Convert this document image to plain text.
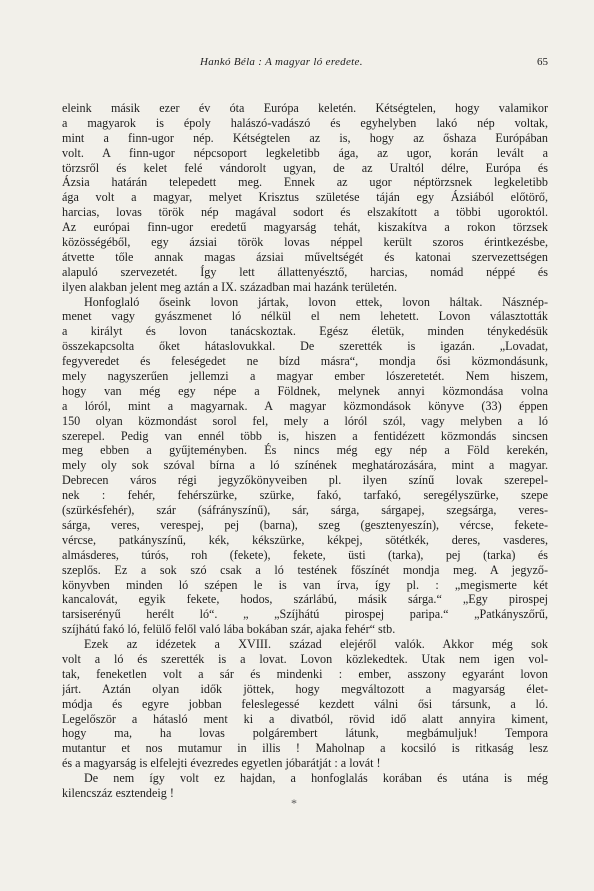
Hankó Béla : A magyar ló eredete.	65
eleink másik ezer év óta Európa keletén. Kétségtelen, hogy valamikor
a magyarok is époly halászó-vadászó és egyhelyben lakó nép voltak,
mint a finn-ugor nép. Kétségtelen az is, hogy az őshaza Európában
volt. A finn-ugor népcsoport legkeletibb ága, az ugor, korán levált a
törzsről és kelet felé vándorolt ugyan, de az Uraltól délre, Európa és
Ázsia határán telepedett meg. Ennek az ugor néptörzsnek legkeletibb
ága volt a magyar, melyet Krisztus születése táján egy Ázsiából előtörő,
harcias, lovas török nép magával sodort és elszakított a többi ugoroktól.
Az európai finn-ugor eredetű magyarság tehát, kiszakítva a rokon törzsek
közösségéből, egy ázsiai török lovas néppel került szoros érintkezésbe,
átvette tőle annak magas ázsiai műveltségét és katonai szervezettségen
alapuló szervezetét. Így lett állattenyésztő, harcias, nomád néppé és
ilyen alakban jelent meg aztán a IX. században mai hazánk területén.
Honfoglaló őseink lovon jártak, lovon ettek, lovon háltak. Násznép-
menet vagy gyászmenet ló nélkül el nem lehetett. Lovon választották
a királyt és lovon tanácskoztak. Egész életük, minden ténykedésük
összekapcsolta őket hátaslovukkal. De szerették is igazán. „Lovadat,
fegyveredet és feleségedet ne bízd másra“, mondja ősi közmondásunk,
mely nagyszerűen jellemzi a magyar ember lószeretetét. Nem hiszem,
hogy van még egy népe a Földnek, melynek annyi közmondása volna
a lóról, mint a magyarnak. A magyar közmondások könyve (33) éppen
150 olyan közmondást sorol fel, mely a lóról szól, vagy melyben a ló
szerepel. Pedig van ennél több is, hiszen a fentidézett közmondás sincsen
meg ebben a gyűjteményben. És nincs még egy nép a Föld kerekén,
mely oly sok szóval bírna a ló színének meghatározására, mint a magyar.
Debrecen város régi jegyzőkönyveiben pl. ilyen színű lovak szerepel-
nek : fehér, fehérszürke, szürke, fakó, tarfakó, seregélyszürke, szepe
(szürkésfehér), szár (sáfrányszínű), sár, sárga, sárgapej, szegsárga, veres-
sárga, veres, verespej, pej (barna), szeg (gesztenyeszín), vércse, fekete-
vércse, patkányszínű, kék, kékszürke, kékpej, sötétkék, deres, vasderes,
almásderes, túrós, roh (fekete), fekete, üsti (tarka), pej (tarka) és
szeplős. Ez a sok szó csak a ló testének főszínét mondja meg. A jegyző-
könyvben minden ló szépen le is van írva, így pl. : „megismerte két
kancalovát, egyik fekete, hodos, szárlábú, másik sárga.“ „Egy pirospej
tarsiserényű herélt ló“. „ „Szíjhátú pirospej paripa.“ „Patkányszőrű,
szíjhátú fakó ló, felülő felől való lába bokában szár, ajaka fehér“ stb.
Ezek az idézetek a XVIII. század elejéről valók. Akkor még sok
volt a ló és szerették is a lovat. Lovon közlekedtek. Utak nem igen vol-
tak, feneketlen volt a sár és mindenki : ember, asszony egyaránt lovon
járt. Aztán olyan idők jöttek, hogy megváltozott a magyarság élet-
módja és egyre jobban feleslegessé kezdett válni ősi társunk, a ló.
Legelőször a hátasló ment ki a divatból, rövid idő alatt annyira kiment,
hogy ma, ha lovas polgárembert látunk, megbámuljuk! Tempora
mutantur et nos mutamur in illis ! Maholnap a kocsiló is ritkaság lesz
és a magyarság is elfelejti évezredes egyetlen jóbarátját : a lovát !
De nem így volt ez hajdan, a honfoglalás korában és utána is még
kilencszáz esztendeig !
*
